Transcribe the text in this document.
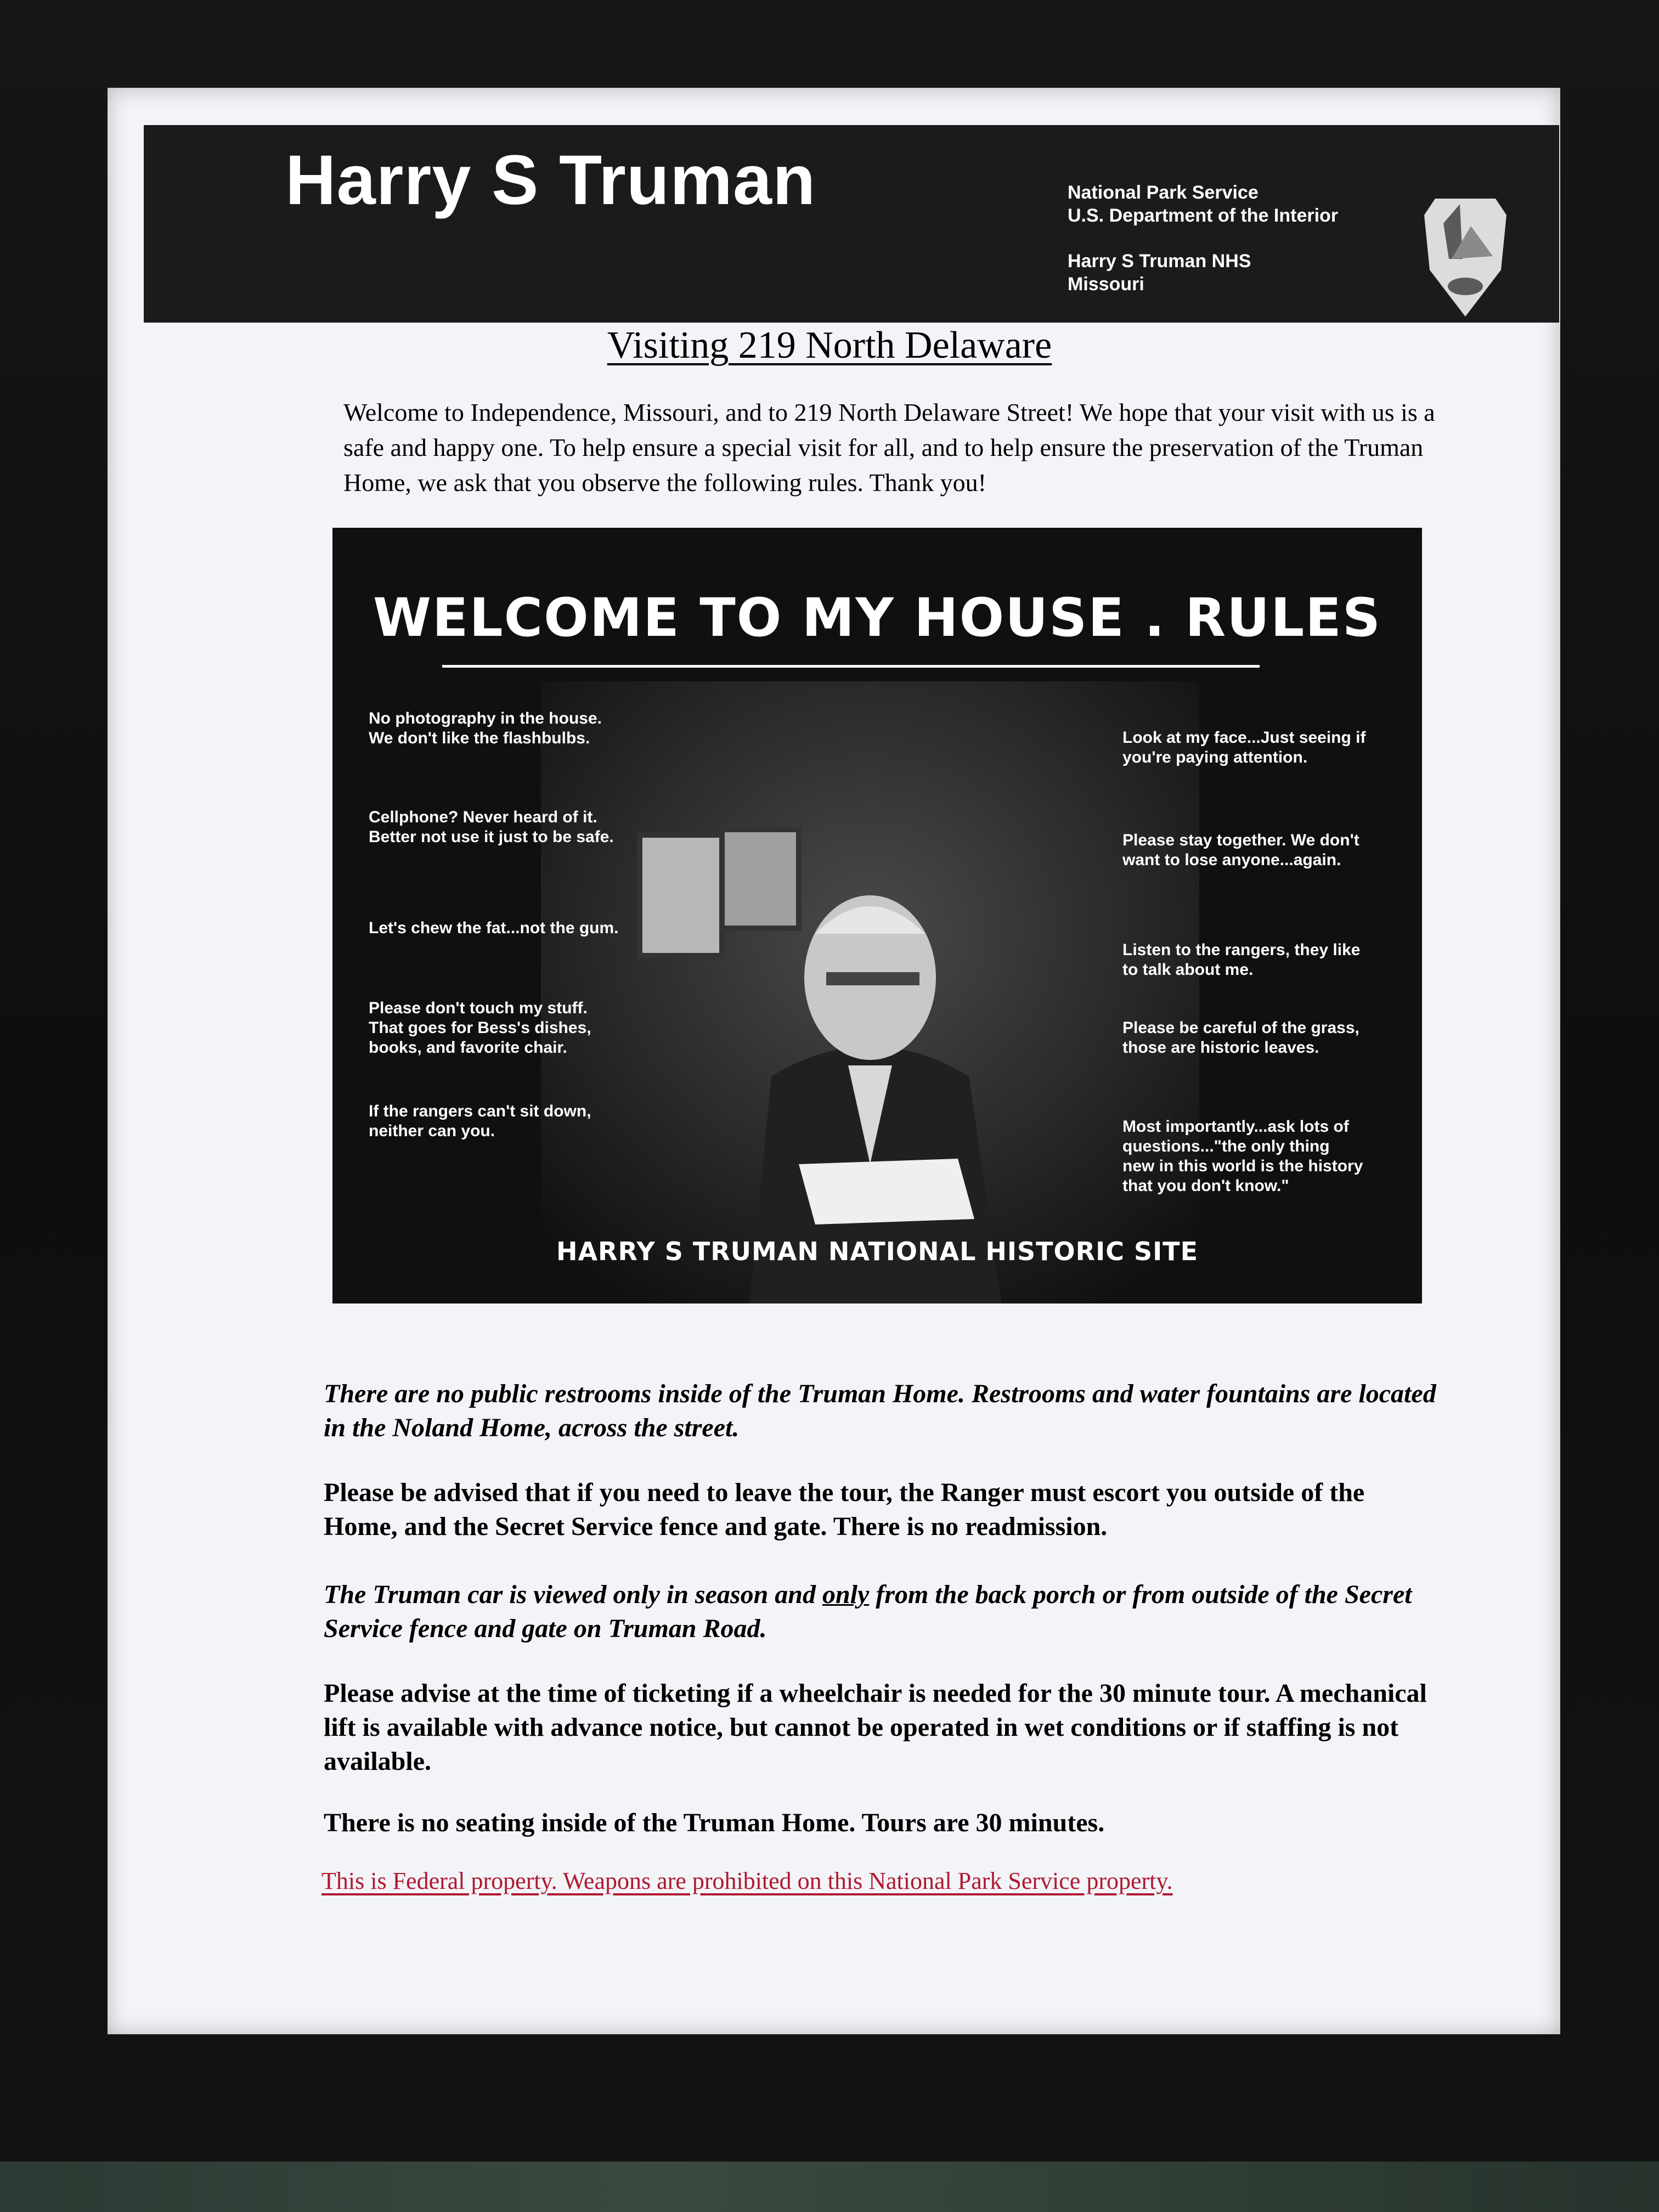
Harry S Truman	National Park Service
U.S. Department of the Interior
Harry S Truman NHS
Missouri
Visiting 219 North Delaware
Welcome to Independence, Missouri, and to 219 North Delaware Street! We hope that your visit with us is a safe and happy one. To help ensure a special visit for all, and to help ensure the preservation of the Truman Home, we ask that you observe the following rules. Thank you!
WELCOME TO MY HOUSE . RULES
No photography in the house.
We don't like the flashbulbs.
Cellphone? Never heard of it.
Better not use it just to be safe.
Let's chew the fat...not the gum.
Please don't touch my stuff.
That goes for Bess's dishes,
books, and favorite chair.
If the rangers can't sit down,
neither can you.
Look at my face...Just seeing if
you're paying attention.
Please stay together. We don't
want to lose anyone...again.
Listen to the rangers, they like
to talk about me.
Please be careful of the grass,
those are historic leaves.
Most importantly...ask lots of
questions..."the only thing
new in this world is the history
that you don't know."
HARRY S TRUMAN NATIONAL HISTORIC SITE
There are no public restrooms inside of the Truman Home. Restrooms and water fountains are located in the Noland Home, across the street.
Please be advised that if you need to leave the tour, the Ranger must escort you outside of the Home, and the Secret Service fence and gate. There is no readmission.
The Truman car is viewed only in season and only from the back porch or from outside of the Secret Service fence and gate on Truman Road.
Please advise at the time of ticketing if a wheelchair is needed for the 30 minute tour. A mechanical lift is available with advance notice, but cannot be operated in wet conditions or if staffing is not available.
There is no seating inside of the Truman Home. Tours are 30 minutes.
This is Federal property. Weapons are prohibited on this National Park Service property.
